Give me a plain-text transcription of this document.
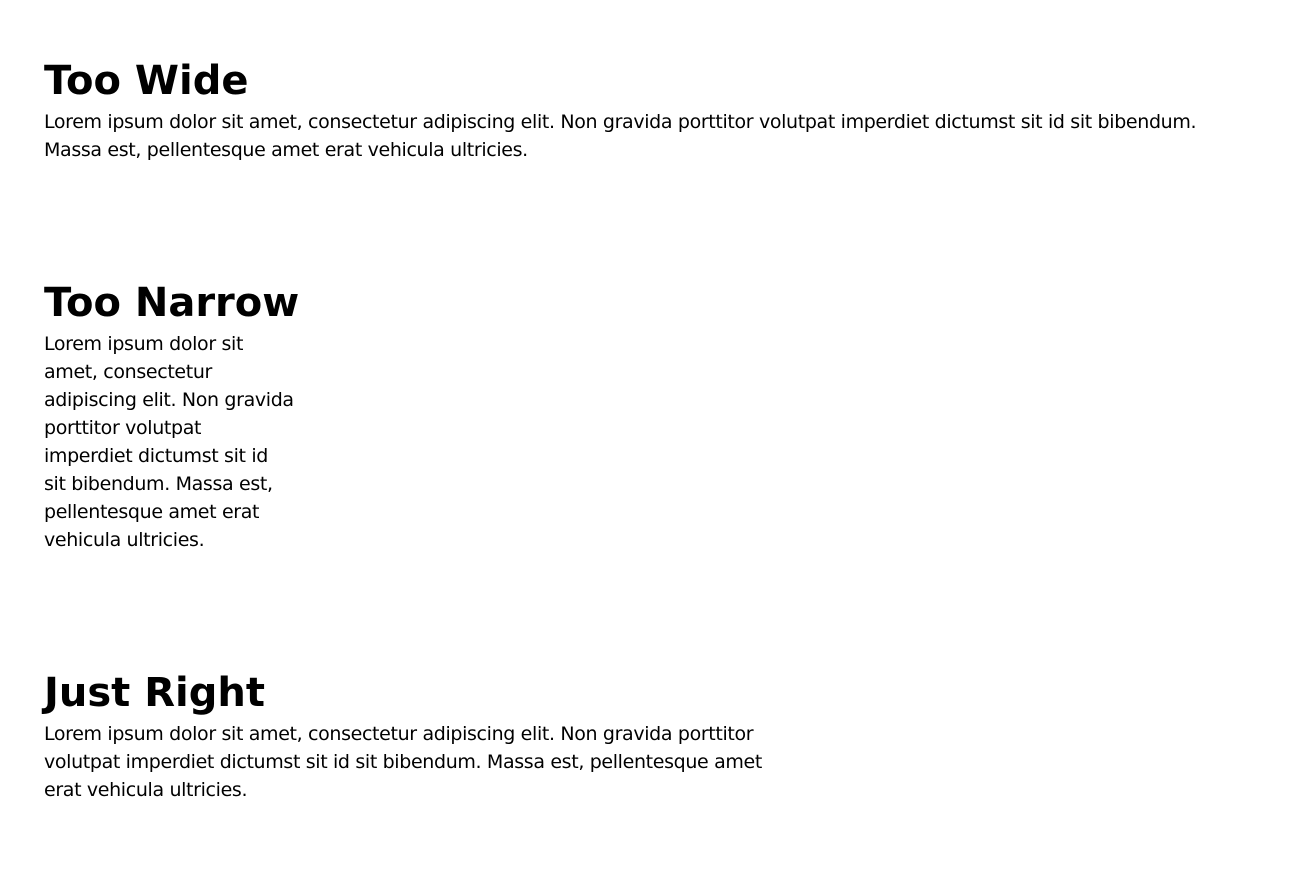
Too Wide

Lorem ipsum dolor sit amet, consectetur adipiscing elit. Non gravida porttitor volutpat imperdiet dictumst sit id sit bibendum. Massa est, pellentesque amet erat vehicula ultricies.

Too Narrow

Lorem ipsum dolor sit amet, consectetur adipiscing elit. Non gravida porttitor volutpat imperdiet dictumst sit id sit bibendum. Massa est, pellentesque amet erat vehicula ultricies.

Just Right

Lorem ipsum dolor sit amet, consectetur adipiscing elit. Non gravida porttitor volutpat imperdiet dictumst sit id sit bibendum. Massa est, pellentesque amet erat vehicula ultricies.
